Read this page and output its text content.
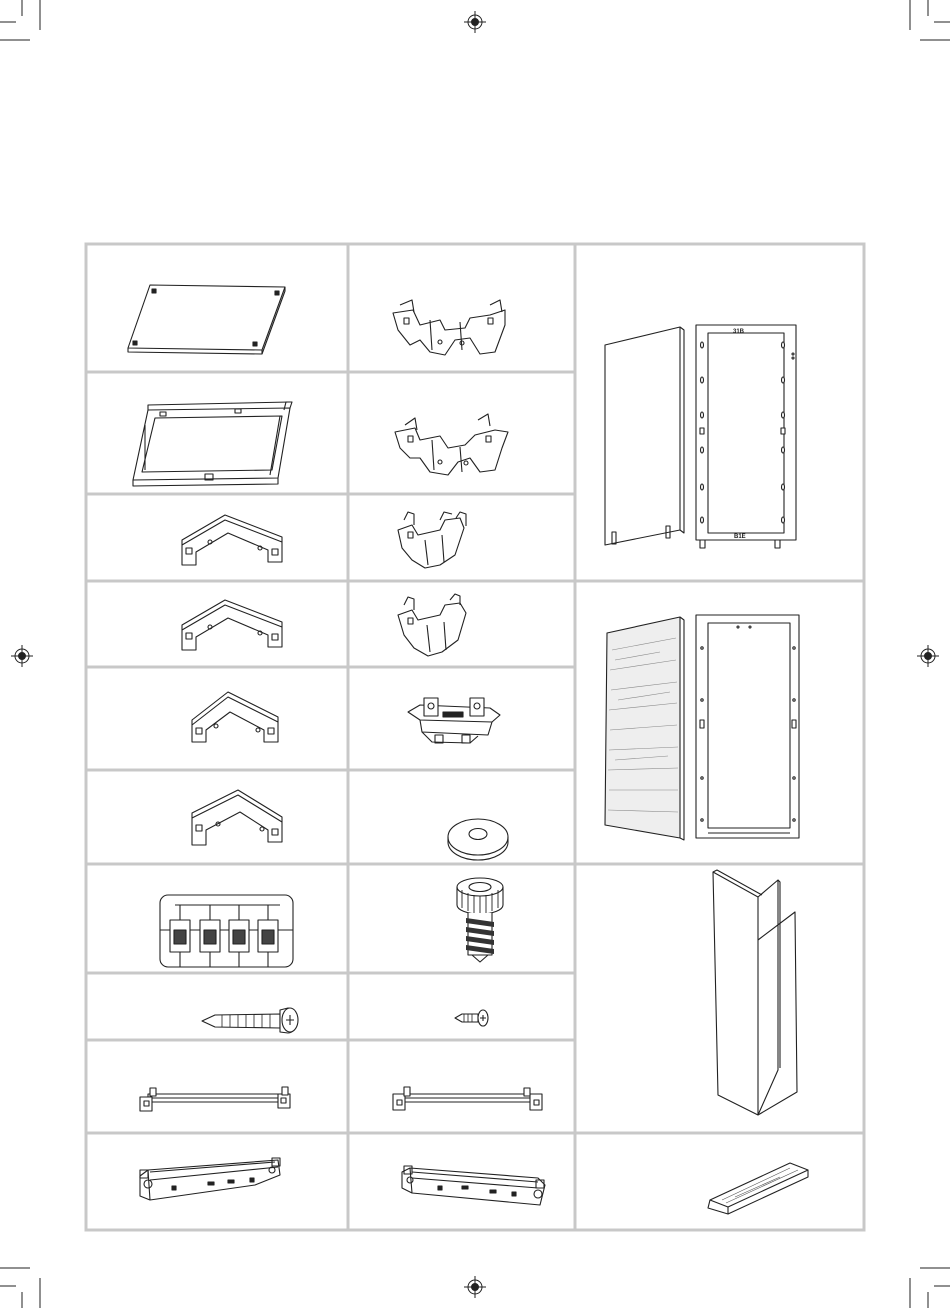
31B
B1E
